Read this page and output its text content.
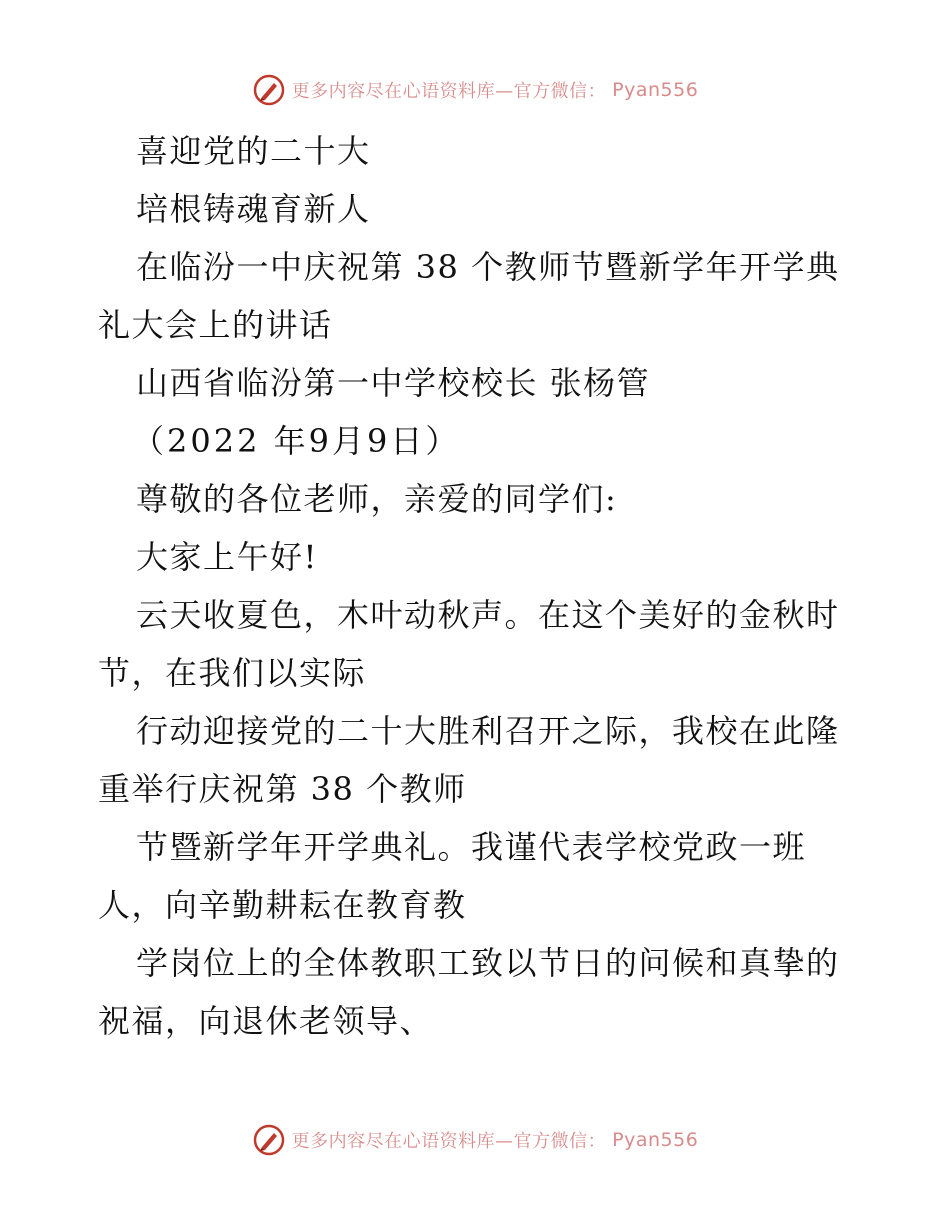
更多内容尽在心语资料库—官方微信： Pyan556
喜迎党的二十大
培根铸魂育新人
在临汾一中庆祝第 38 个教师节暨新学年开学典
礼大会上的讲话
山西省临汾第一中学校校长 张杨管
（2022 年9月9日）
尊敬的各位老师，亲爱的同学们:
大家上午好!
云天收夏色，木叶动秋声。在这个美好的金秋时
节，在我们以实际
行动迎接党的二十大胜利召开之际，我校在此隆
重举行庆祝第 38 个教师
节暨新学年开学典礼。我谨代表学校党政一班
人，向辛勤耕耘在教育教
学岗位上的全体教职工致以节日的问候和真挚的
祝福，向退休老领导、
更多内容尽在心语资料库—官方微信： Pyan556
